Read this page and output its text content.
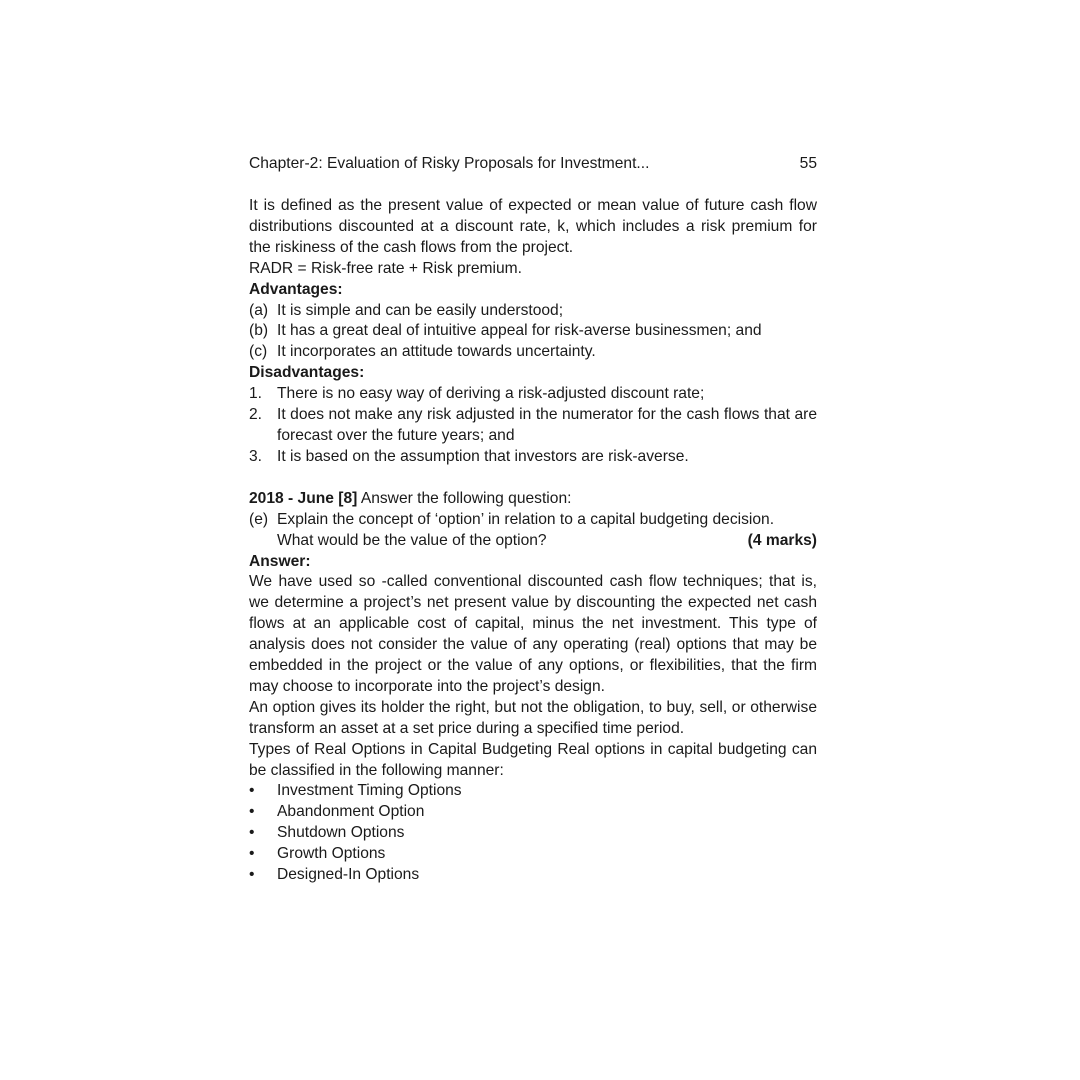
Chapter-2: Evaluation of Risky Proposals for Investment...	55
It is defined as the present value of expected or mean value of future cash flow distributions discounted at a discount rate, k, which includes a risk premium for the riskiness of the cash flows from the project.
RADR = Risk-free rate + Risk premium.
Advantages:
(a) It is simple and can be easily understood;
(b) It has a great deal of intuitive appeal for risk-averse businessmen; and
(c) It incorporates an attitude towards uncertainty.
Disadvantages:
1. There is no easy way of deriving a risk-adjusted discount rate;
2. It does not make any risk adjusted in the numerator for the cash flows that are forecast over the future years; and
3. It is based on the assumption that investors are risk-averse.
2018 - June [8] Answer the following question:
(e) Explain the concept of ‘option’ in relation to a capital budgeting decision.
What would be the value of the option?	(4 marks)
Answer:
We have used so -called conventional discounted cash flow techniques; that is, we determine a project’s net present value by discounting the expected net cash flows at an applicable cost of capital, minus the net investment. This type of analysis does not consider the value of any operating (real) options that may be embedded in the project or the value of any options, or flexibilities, that the firm may choose to incorporate into the project’s design.
An option gives its holder the right, but not the obligation, to buy, sell, or otherwise transform an asset at a set price during a specified time period.
Types of Real Options in Capital Budgeting Real options in capital budgeting can be classified in the following manner:
•	Investment Timing Options
•	Abandonment Option
•	Shutdown Options
•	Growth Options
•	Designed-In Options
